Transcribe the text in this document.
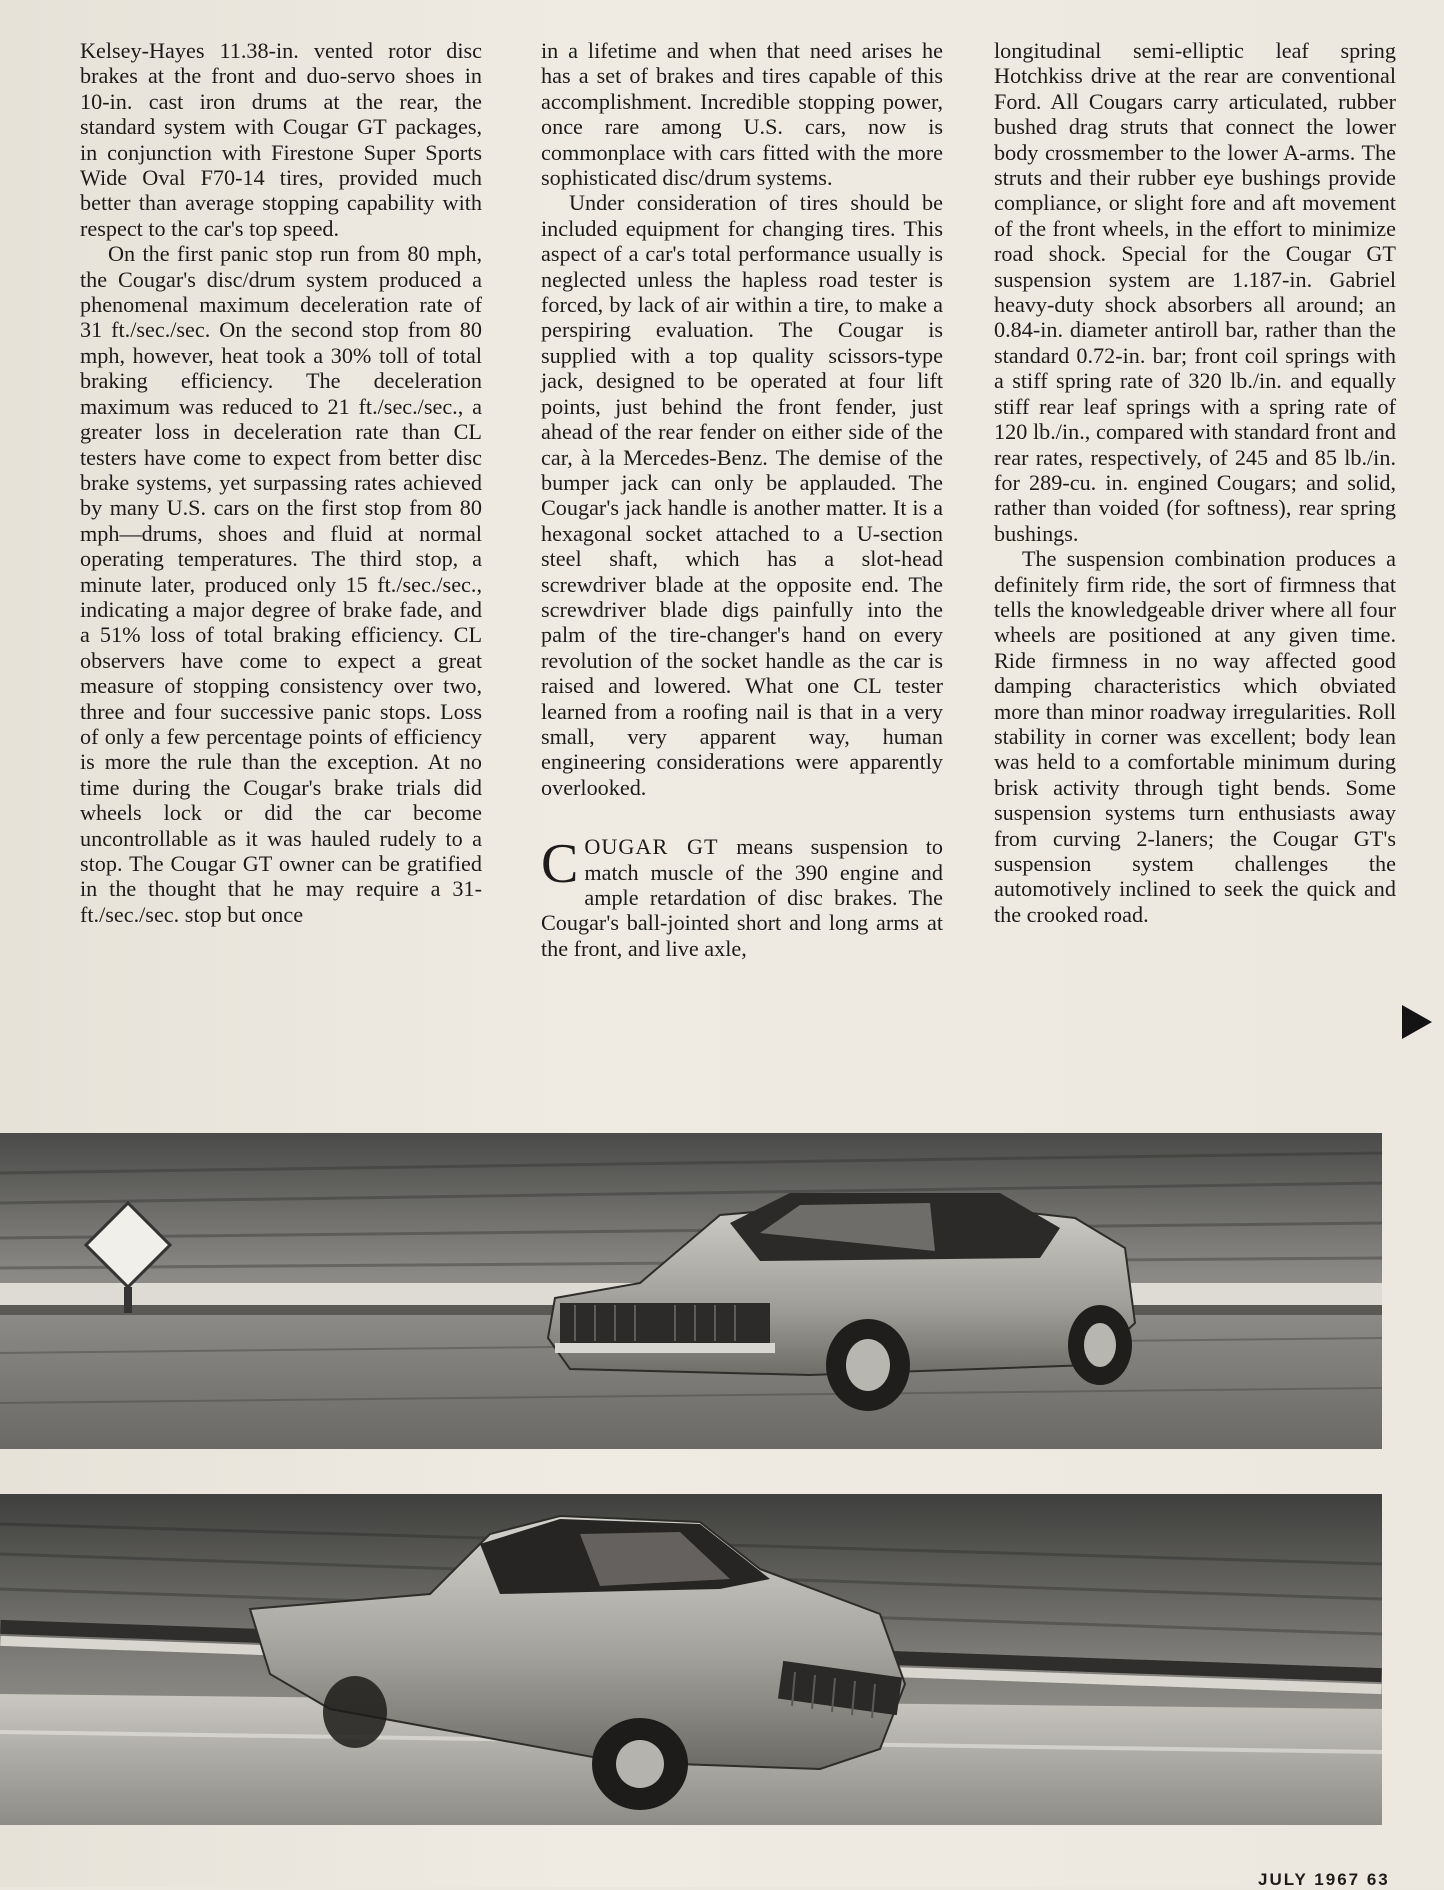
Kelsey-Hayes 11.38-in. vented rotor disc brakes at the front and duo-servo shoes in 10-in. cast iron drums at the rear, the standard system with Cougar GT packages, in conjunction with Firestone Super Sports Wide Oval F70-14 tires, provided much better than average stopping capability with respect to the car's top speed.

On the first panic stop run from 80 mph, the Cougar's disc/drum system produced a phenomenal maximum deceleration rate of 31 ft./sec./sec. On the second stop from 80 mph, however, heat took a 30% toll of total braking efficiency. The deceleration maximum was reduced to 21 ft./sec./sec., a greater loss in deceleration rate than CL testers have come to expect from better disc brake systems, yet surpassing rates achieved by many U.S. cars on the first stop from 80 mph—drums, shoes and fluid at normal operating temperatures. The third stop, a minute later, produced only 15 ft./sec./sec., indicating a major degree of brake fade, and a 51% loss of total braking efficiency. CL observers have come to expect a great measure of stopping consistency over two, three and four successive panic stops. Loss of only a few percentage points of efficiency is more the rule than the exception. At no time during the Cougar's brake trials did wheels lock or did the car become uncontrollable as it was hauled rudely to a stop. The Cougar GT owner can be gratified in the thought that he may require a 31-ft./sec./sec. stop but once

in a lifetime and when that need arises he has a set of brakes and tires capable of this accomplishment. Incredible stopping power, once rare among U.S. cars, now is commonplace with cars fitted with the more sophisticated disc/drum systems.

Under consideration of tires should be included equipment for changing tires. This aspect of a car's total performance usually is neglected unless the hapless road tester is forced, by lack of air within a tire, to make a perspiring evaluation. The Cougar is supplied with a top quality scissors-type jack, designed to be operated at four lift points, just behind the front fender, just ahead of the rear fender on either side of the car, à la Mercedes-Benz. The demise of the bumper jack can only be applauded. The Cougar's jack handle is another matter. It is a hexagonal socket attached to a U-section steel shaft, which has a slot-head screwdriver blade at the opposite end. The screwdriver blade digs painfully into the palm of the tire-changer's hand on every revolution of the socket handle as the car is raised and lowered. What one CL tester learned from a roofing nail is that in a very small, very apparent way, human engineering considerations were apparently overlooked.

COUGAR GT means suspension to match muscle of the 390 engine and ample retardation of disc brakes. The Cougar's ball-jointed short and long arms at the front, and live axle,

longitudinal semi-elliptic leaf spring Hotchkiss drive at the rear are conventional Ford. All Cougars carry articulated, rubber bushed drag struts that connect the lower body crossmember to the lower A-arms. The struts and their rubber eye bushings provide compliance, or slight fore and aft movement of the front wheels, in the effort to minimize road shock. Special for the Cougar GT suspension system are 1.187-in. Gabriel heavy-duty shock absorbers all around; an 0.84-in. diameter antiroll bar, rather than the standard 0.72-in. bar; front coil springs with a stiff spring rate of 320 lb./in. and equally stiff rear leaf springs with a spring rate of 120 lb./in., compared with standard front and rear rates, respectively, of 245 and 85 lb./in. for 289-cu. in. engined Cougars; and solid, rather than voided (for softness), rear spring bushings.

The suspension combination produces a definitely firm ride, the sort of firmness that tells the knowledgeable driver where all four wheels are positioned at any given time. Ride firmness in no way affected good damping characteristics which obviated more than minor roadway irregularities. Roll stability in corner was excellent; body lean was held to a comfortable minimum during brisk activity through tight bends. Some suspension systems turn enthusiasts away from curving 2-laners; the Cougar GT's suspension system challenges the automotively inclined to seek the quick and the crooked road.

JULY 1967 63
